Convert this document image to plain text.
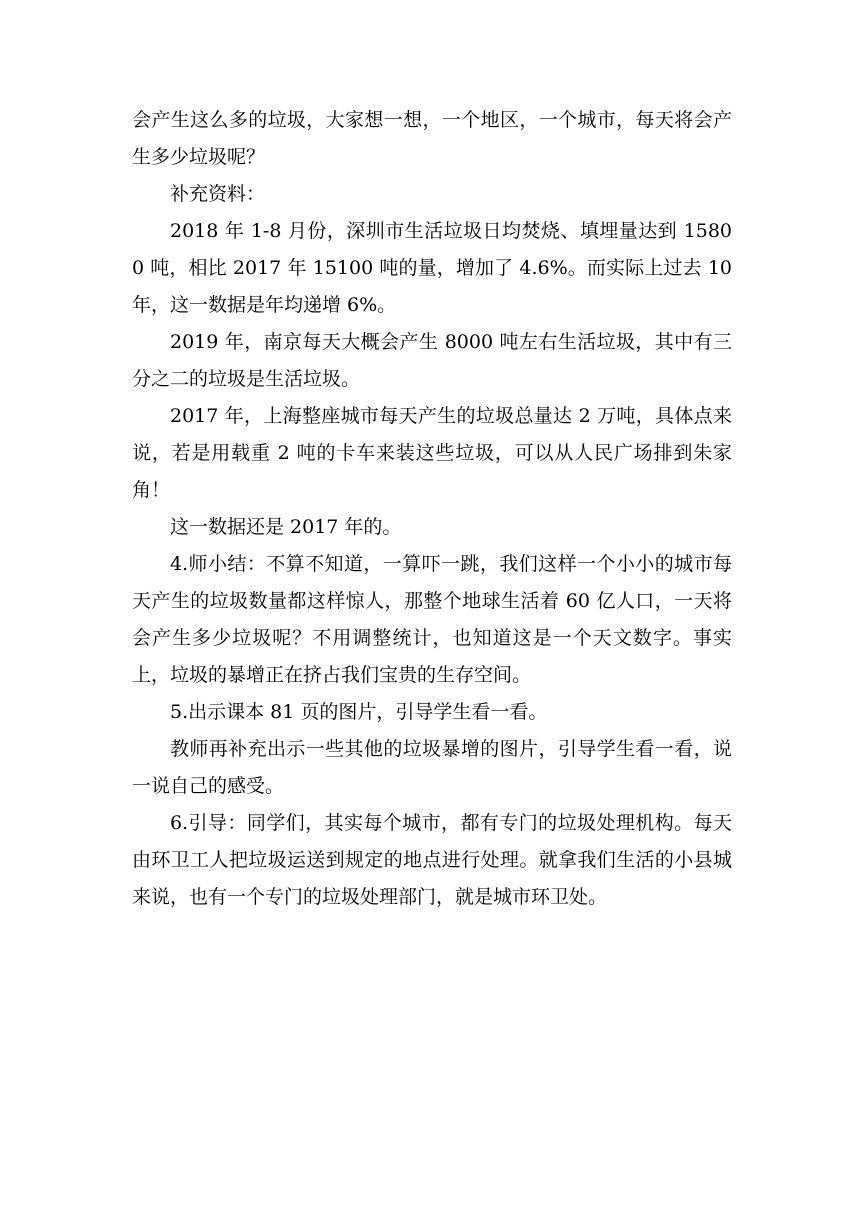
会产生这么多的垃圾，大家想一想，一个地区，一个城市，每天将会产生多少垃圾呢？

补充资料：

2018 年 1-8 月份，深圳市生活垃圾日均焚烧、填埋量达到 15800 吨，相比 2017 年 15100 吨的量，增加了 4.6%。而实际上过去 10 年，这一数据是年均递增 6%。

2019 年，南京每天大概会产生 8000 吨左右生活垃圾，其中有三分之二的垃圾是生活垃圾。

2017 年，上海整座城市每天产生的垃圾总量达 2 万吨，具体点来说，若是用载重 2 吨的卡车来装这些垃圾，可以从人民广场排到朱家角！

这一数据还是 2017 年的。

4.师小结：不算不知道，一算吓一跳，我们这样一个小小的城市每天产生的垃圾数量都这样惊人，那整个地球生活着 60 亿人口，一天将会产生多少垃圾呢？不用调整统计，也知道这是一个天文数字。事实上，垃圾的暴增正在挤占我们宝贵的生存空间。

5.出示课本 81 页的图片，引导学生看一看。

教师再补充出示一些其他的垃圾暴增的图片，引导学生看一看，说一说自己的感受。

6.引导：同学们，其实每个城市，都有专门的垃圾处理机构。每天由环卫工人把垃圾运送到规定的地点进行处理。就拿我们生活的小县城来说，也有一个专门的垃圾处理部门，就是城市环卫处。
